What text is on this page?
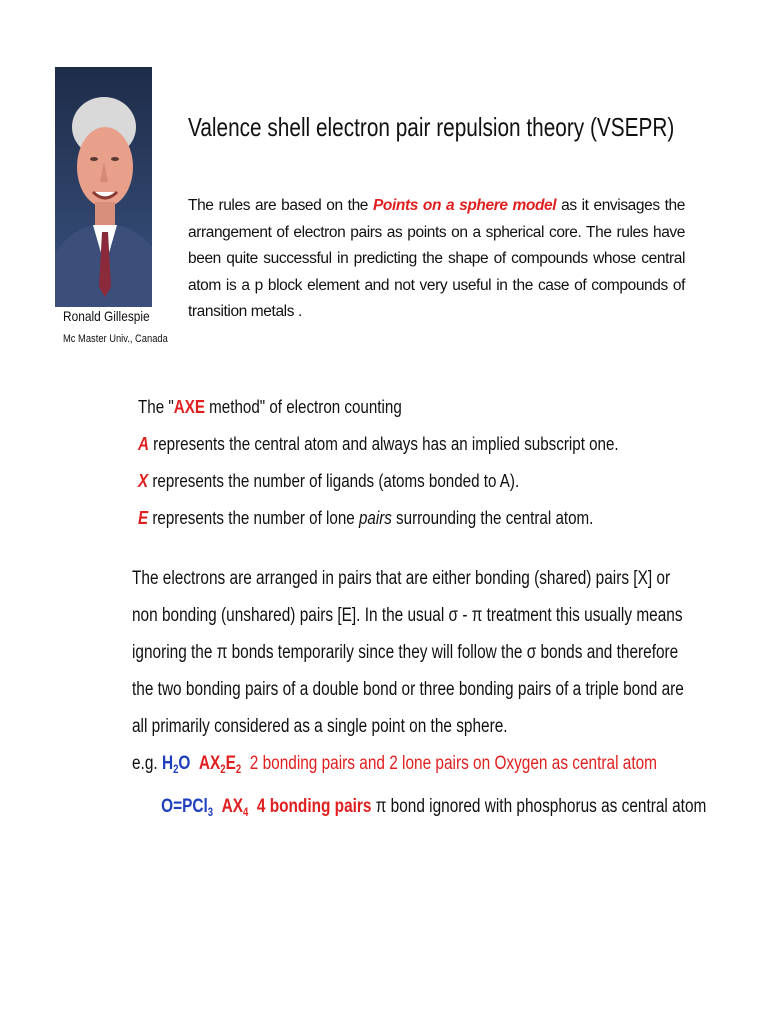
Ronald Gillespie
Mc Master Univ., Canada
Valence shell electron pair repulsion theory (VSEPR)
The rules are based on the Points on a sphere model as it envisages the arrangement of electron pairs as points on a spherical core. The rules have been quite successful in predicting the shape of compounds whose central atom is a p block element and not very useful in the case of compounds of transition metals .
The "AXE method" of electron counting
A represents the central atom and always has an implied subscript one.
X represents the number of ligands (atoms bonded to A).
E represents the number of lone pairs surrounding the central atom.
The electrons are arranged in pairs that are either bonding (shared) pairs [X] or
non bonding (unshared) pairs [E]. In the usual σ - π treatment this usually means
ignoring the π bonds temporarily since they will follow the σ bonds and therefore
the two bonding pairs of a double bond or three bonding pairs of a triple bond are
all primarily considered as a single point on the sphere.
e.g. $H_2O$ $AX_2E_2$ 2 bonding pairs and 2 lone pairs on Oxygen as central atom
O=PCl$_3$ $AX_4$ 4 bonding pairs π bond ignored with phosphorus as central atom
